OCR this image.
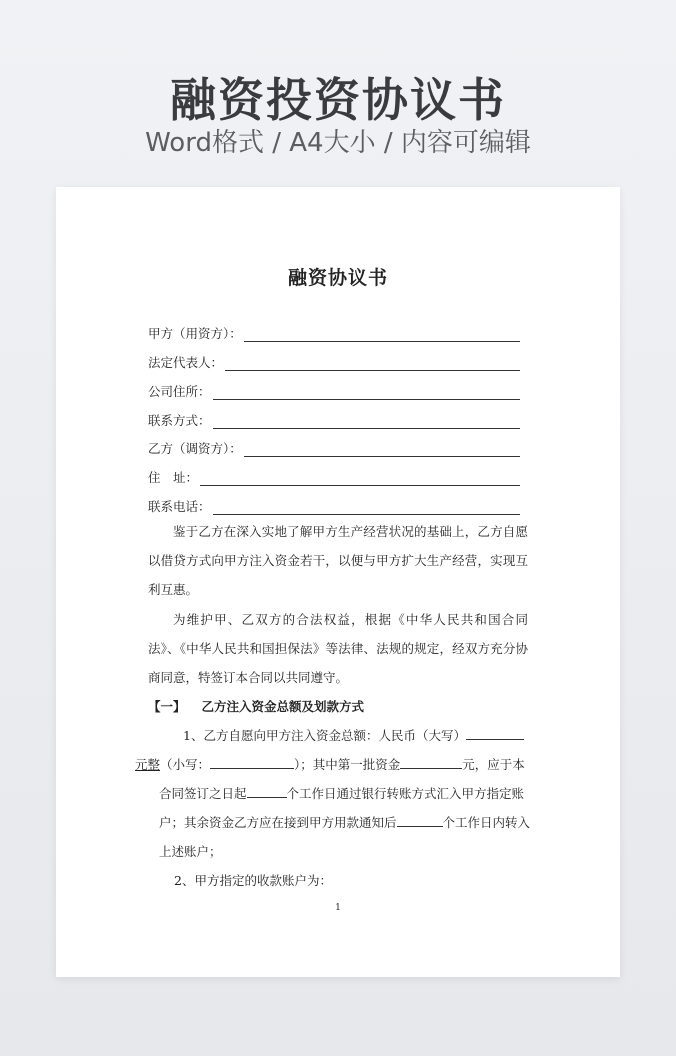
融资投资协议书
Word格式 / A4大小 / 内容可编辑
融资协议书
甲方（用资方）：
法定代表人：
公司住所：
联系方式：
乙方（调资方）：
住　址：
联系电话：
鉴于乙方在深入实地了解甲方生产经营状况的基础上，乙方自愿以借贷方式向甲方注入资金若干，以便与甲方扩大生产经营，实现互利互惠。
为维护甲、乙双方的合法权益，根据《中华人民共和国合同法》、《中华人民共和国担保法》等法律、法规的规定，经双方充分协商同意，特签订本合同以共同遵守。
【一】 乙方注入资金总额及划款方式
1、乙方自愿向甲方注入资金总额：人民币（大写）
元整（小写：	）；其中第一批资金	元，应于本合同签订之日起	个工作日通过银行转账方式汇入甲方指定账户；其余资金乙方应在接到甲方用款通知后	个工作日内转入上述账户；
2、甲方指定的收款账户为：
1
